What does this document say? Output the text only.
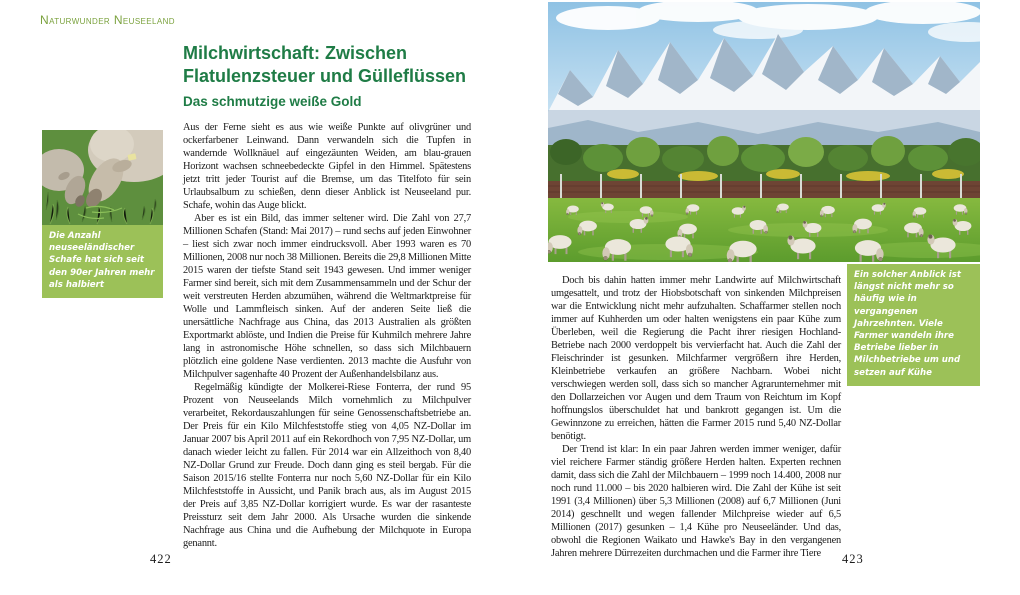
Naturwunder Neuseeland
Milchwirtschaft: Zwischen Flatulenzsteuer und Gülleflüssen
Das schmutzige weiße Gold
Die Anzahl neuseeländischer Schafe hat sich seit den 90er Jahren mehr als halbiert

Aus der Ferne sieht es aus wie weiße Punkte auf olivgrüner und ockerfarbener Leinwand. Dann verwandeln sich die Tupfen in wandernde Wollknäuel auf eingezäunten Weiden, am blau-grauen Horizont wachsen schneebedeckte Gipfel in den Himmel. Spätestens jetzt tritt jeder Tourist auf die Bremse, um das Titelfoto für sein Urlaubsalbum zu schießen, denn dieser Anblick ist Neuseeland pur. Schafe, wohin das Auge blickt.

Aber es ist ein Bild, das immer seltener wird. Die Zahl von 27,7 Millionen Schafen (Stand: Mai 2017) – rund sechs auf jeden Einwohner – liest sich zwar noch immer eindrucksvoll. Aber 1993 waren es 70 Millionen, 2008 nur noch 38 Millionen. Bereits die 29,8 Millionen Mitte 2015 waren der tiefste Stand seit 1943 gewesen. Und immer weniger Farmer sind bereit, sich mit dem Zusammensammeln und der Schur der weit verstreuten Herden abzumühen, während die Weltmarktpreise für Wolle und Lammfleisch sinken. Auf der anderen Seite ließ die unersättliche Nachfrage aus China, das 2013 Australien als größten Exportmarkt ablöste, und Indien die Preise für Kuhmilch mehrere Jahre lang in astronomische Höhe schnellen, so dass sich Milchbauern plötzlich eine goldene Nase verdienten. 2013 machte die Ausfuhr von Milchpulver sagenhafte 40 Prozent der Außenhandelsbilanz aus.

Regelmäßig kündigte der Molkerei-Riese Fonterra, der rund 95 Prozent von Neuseelands Milch vornehmlich zu Milchpulver verarbeitet, Rekordauszahlungen für seine Genossenschaftsbetriebe an. Der Preis für ein Kilo Milchfeststoffe stieg von 4,05 NZ-Dollar im Januar 2007 bis April 2011 auf ein Rekordhoch von 7,95 NZ-Dollar, um danach wieder leicht zu fallen. Für 2014 war ein Allzeithoch von 8,40 NZ-Dollar Grund zur Freude. Doch dann ging es steil bergab. Für die Saison 2015/16 stellte Fonterra nur noch 5,60 NZ-Dollar für ein Kilo Milchfeststoffe in Aussicht, und Panik brach aus, als im August 2015 der Preis auf 3,85 NZ-Dollar korrigiert wurde. Es war der rasanteste Preissturz seit dem Jahr 2000. Als Ursache wurden die sinkende Nachfrage aus China und die Aufhebung der Milchquote in Europa genannt.

422
Ein solcher Anblick ist längst nicht mehr so häufig wie in vergangenen Jahrzehnten. Viele Farmer wandeln ihre Betriebe lieber in Milchbetriebe um und setzen auf Kühe

Doch bis dahin hatten immer mehr Landwirte auf Milchwirtschaft umgesattelt, und trotz der Hiobsbotschaft von sinkenden Milchpreisen war die Entwicklung nicht mehr aufzuhalten. Schaffarmer stellen noch immer auf Kuhherden um oder halten wenigstens ein paar Kühe zum Überleben, weil die Regierung die Pacht ihrer riesigen Hochland-Betriebe nach 2000 verdoppelt bis vervierfacht hat. Auch die Zahl der Fleischrinder ist gesunken. Milchfarmer vergrößern ihre Herden, Kleinbetriebe verkaufen an größere Nachbarn. Wobei nicht verschwiegen werden soll, dass sich so mancher Agrarunternehmer mit den Dollarzeichen vor Augen und dem Traum von Reichtum im Kopf hoffnungslos überschuldet hat und bankrott gegangen ist. Um die Gewinnzone zu erreichen, hätten die Farmer 2015 rund 5,40 NZ-Dollar benötigt.

Der Trend ist klar: In ein paar Jahren werden immer weniger, dafür viel reichere Farmer ständig größere Herden halten. Experten rechnen damit, dass sich die Zahl der Milchbauern – 1999 noch 14.400, 2008 nur noch rund 11.000 – bis 2020 halbieren wird. Die Zahl der Kühe ist seit 1991 (3,4 Millionen) über 5,3 Millionen (2008) auf 6,7 Millionen (Juni 2014) geschnellt und wegen fallender Milchpreise wieder auf 6,5 Millionen (2017) gesunken – 1,4 Kühe pro Neuseeländer. Und das, obwohl die Regionen Waikato und Hawke's Bay in den vergangenen Jahren mehrere Dürrezeiten durchmachen und die Farmer ihre Tiere	423
